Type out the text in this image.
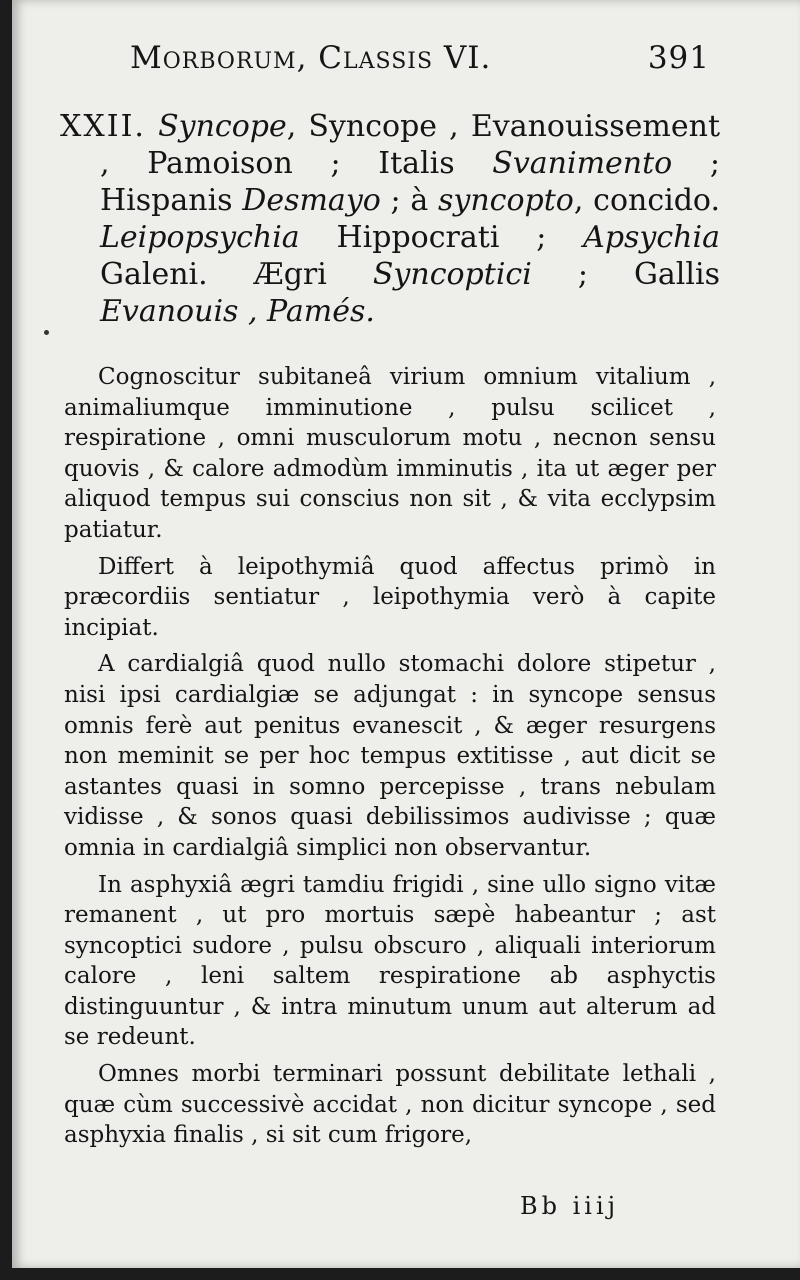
Morborum, Classis VI.	391
XXII. Syncope, Syncope , Evanouissement , Pamoison ; Italis Svanimento ; Hispanis Desmayo ; à syncopto, concido. Leipopsychia Hippocrati ; Apsychia Galeni. Ægri Syncoptici ; Gallis Evanouis , Pamés.

Cognoscitur subitaneâ virium omnium vitalium , animaliumque imminutione , pulsu scilicet , respiratione , omni musculorum motu , necnon sensu quovis , & calore admodùm imminutis , ita ut æger per aliquod tempus sui conscius non sit , & vita ecclypsim patiatur.

Differt à leipothymiâ quod affectus primò in præcordiis sentiatur , leipothymia verò à capite incipiat.

A cardialgiâ quod nullo stomachi dolore stipetur , nisi ipsi cardialgiæ se adjungat : in syncope sensus omnis ferè aut penitus evanescit , & æger resurgens non meminit se per hoc tempus extitisse , aut dicit se astantes quasi in somno percepisse , trans nebulam vidisse , & sonos quasi debilissimos audivisse ; quæ omnia in cardialgiâ simplici non observantur.

In asphyxiâ ægri tamdiu frigidi , sine ullo signo vitæ remanent , ut pro mortuis sæpè habeantur ; ast syncoptici sudore , pulsu obscuro , aliquali interiorum calore , leni saltem respiratione ab asphyctis distinguuntur , & intra minutum unum aut alterum ad se redeunt.

Omnes morbi terminari possunt debilitate lethali , quæ cùm successivè accidat , non dicitur syncope , sed asphyxia finalis , si sit cum frigore,

Bb iiij
